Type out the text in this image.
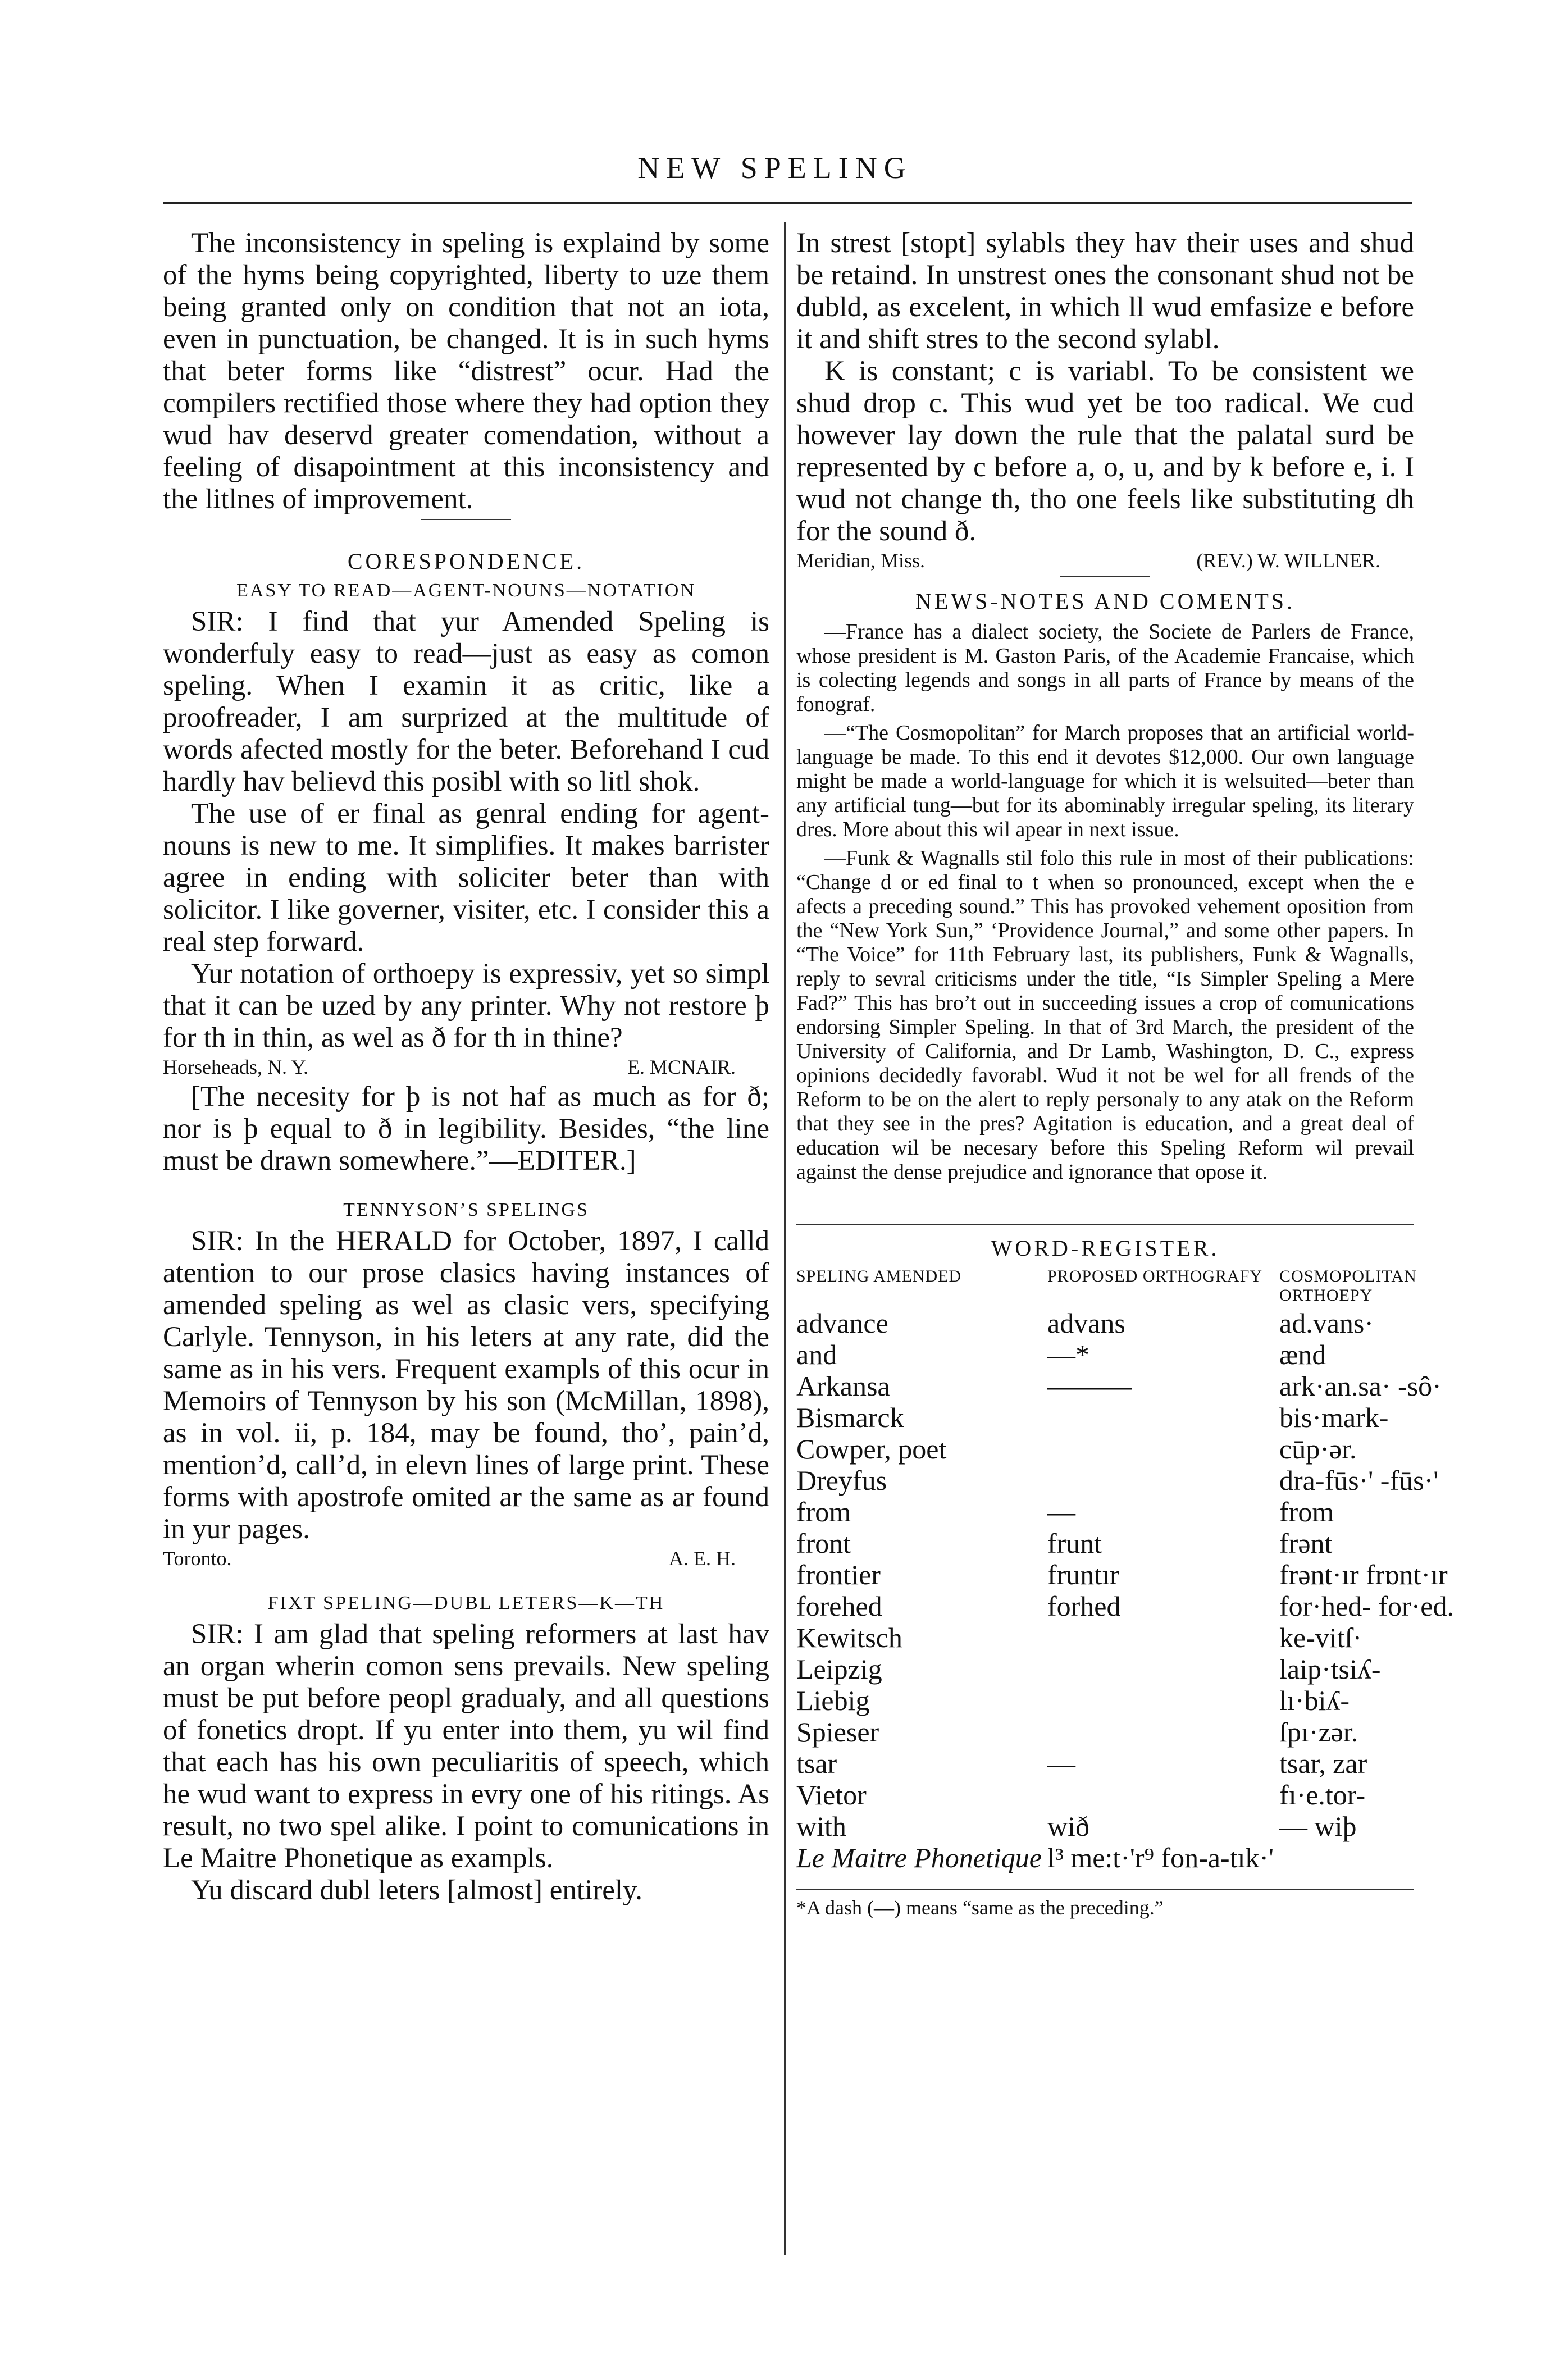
NEW SPELING

The inconsistency in speling is explaind by some of the hyms being copyrighted, liberty to uze them being granted only on condition that not an iota, even in punctuation, be changed. It is in such hyms that beter forms like “distrest” ocur. Had the compilers rectified those where they had option they wud hav deservd greater comendation, without a feeling of disapointment at this inconsistency and the litlnes of improvement.

CORESPONDENCE.
EASY TO READ—AGENT-NOUNS—NOTATION

SIR: I find that yur Amended Speling is wonderfuly easy to read—just as easy as comon speling. When I examin it as critic, like a proofreader, I am surprized at the multitude of words afected mostly for the beter. Beforehand I cud hardly hav believd this posibl with so litl shok.

The use of er final as genral ending for agent-nouns is new to me. It simplifies. It makes barrister agree in ending with soliciter beter than with solicitor. I like governer, visiter, etc. I consider this a real step forward.

Yur notation of orthoepy is expressiv, yet so simpl that it can be uzed by any printer. Why not restore þ for th in thin, as wel as ð for th in thine?

Horseheads, N. Y.	E. MCNAIR.

[The necesity for þ is not haf as much as for ð; nor is þ equal to ð in legibility. Besides, “the line must be drawn somewhere.”—EDITER.]

TENNYSON’S SPELINGS

SIR: In the HERALD for October, 1897, I calld atention to our prose clasics having instances of amended speling as wel as clasic vers, specifying Carlyle. Tennyson, in his leters at any rate, did the same as in his vers. Frequent exampls of this ocur in Memoirs of Tennyson by his son (McMillan, 1898), as in vol. ii, p. 184, may be found, tho’, pain’d, mention’d, call’d, in elevn lines of large print. These forms with apostrofe omited ar the same as ar found in yur pages.

Toronto.	A. E. H.
FIXT SPELING—DUBL LETERS—K—TH

SIR: I am glad that speling reformers at last hav an organ wherin comon sens prevails. New speling must be put before peopl gradualy, and all questions of fonetics dropt. If yu enter into them, yu wil find that each has his own peculiaritis of speech, which he wud want to express in evry one of his ritings. As result, no two spel alike. I point to comunications in Le Maitre Phonetique as exampls.

Yu discard dubl leters [almost] entirely.

In strest [stopt] sylabls they hav their uses and shud be retaind. In unstrest ones the consonant shud not be dubld, as excelent, in which ll wud emfasize e before it and shift stres to the second sylabl.

K is constant; c is variabl. To be consistent we shud drop c. This wud yet be too radical. We cud however lay down the rule that the palatal surd be represented by c before a, o, u, and by k before e, i. I wud not change th, tho one feels like substituting dh for the sound ð.

Meridian, Miss.	(REV.) W. WILLNER.
NEWS-NOTES AND COMENTS.

—France has a dialect society, the Societe de Parlers de France, whose president is M. Gaston Paris, of the Academie Francaise, which is colecting legends and songs in all parts of France by means of the fonograf.

—“The Cosmopolitan” for March proposes that an artificial world-language be made. To this end it devotes $12,000. Our own language might be made a world-language for which it is welsuited—beter than any artificial tung—but for its abominably irregular speling, its literary dres. More about this wil apear in next issue.

—Funk & Wagnalls stil folo this rule in most of their publications: “Change d or ed final to t when so pronounced, except when the e afects a preceding sound.” This has provoked vehement oposition from the “New York Sun,” ‘Providence Journal,” and some other papers. In “The Voice” for 11th February last, its publishers, Funk & Wagnalls, reply to sevral criticisms under the title, “Is Simpler Speling a Mere Fad?” This has bro’t out in succeeding issues a crop of comunications endorsing Simpler Speling. In that of 3rd March, the president of the University of California, and Dr Lamb, Washington, D. C., express opinions decidedly favorabl. Wud it not be wel for all frends of the Reform to be on the alert to reply personaly to any atak on the Reform that they see in the pres? Agitation is education, and a great deal of education wil be necesary before this Speling Reform wil prevail against the dense prejudice and ignorance that opose it.

WORD-REGISTER.
SPELING AMENDED	PROPOSED ORTHOGRAFY	COSMOPOLITAN ORTHOEPY
advance	advans	ad.vans·
and	—*	ænd
Arkansa	———	ark·an.sa· -sô·
Bismarck		bis·mark-
Cowper, poet		cūp·ər.
Dreyfus		dra-fūs·' -fūs·'
from	—	from
front	frunt	frənt
frontier	fruntır	frənt·ır frɒnt·ır
forehed	forhed	for·hed- for·ed.
Kewitsch		ke-vitſ·
Leipzig		laip·tsiʎ-
Liebig		lı·biʎ-
Spieser		ſpı·zər.
tsar	—	tsar, zar
Vietor		fı·e.tor-
with	wið	— wiþ
Le Maitre Phonetique	l³ me:t·'r⁹ fon-a-tık·'	
*A dash (—) means “same as the preceding.”
